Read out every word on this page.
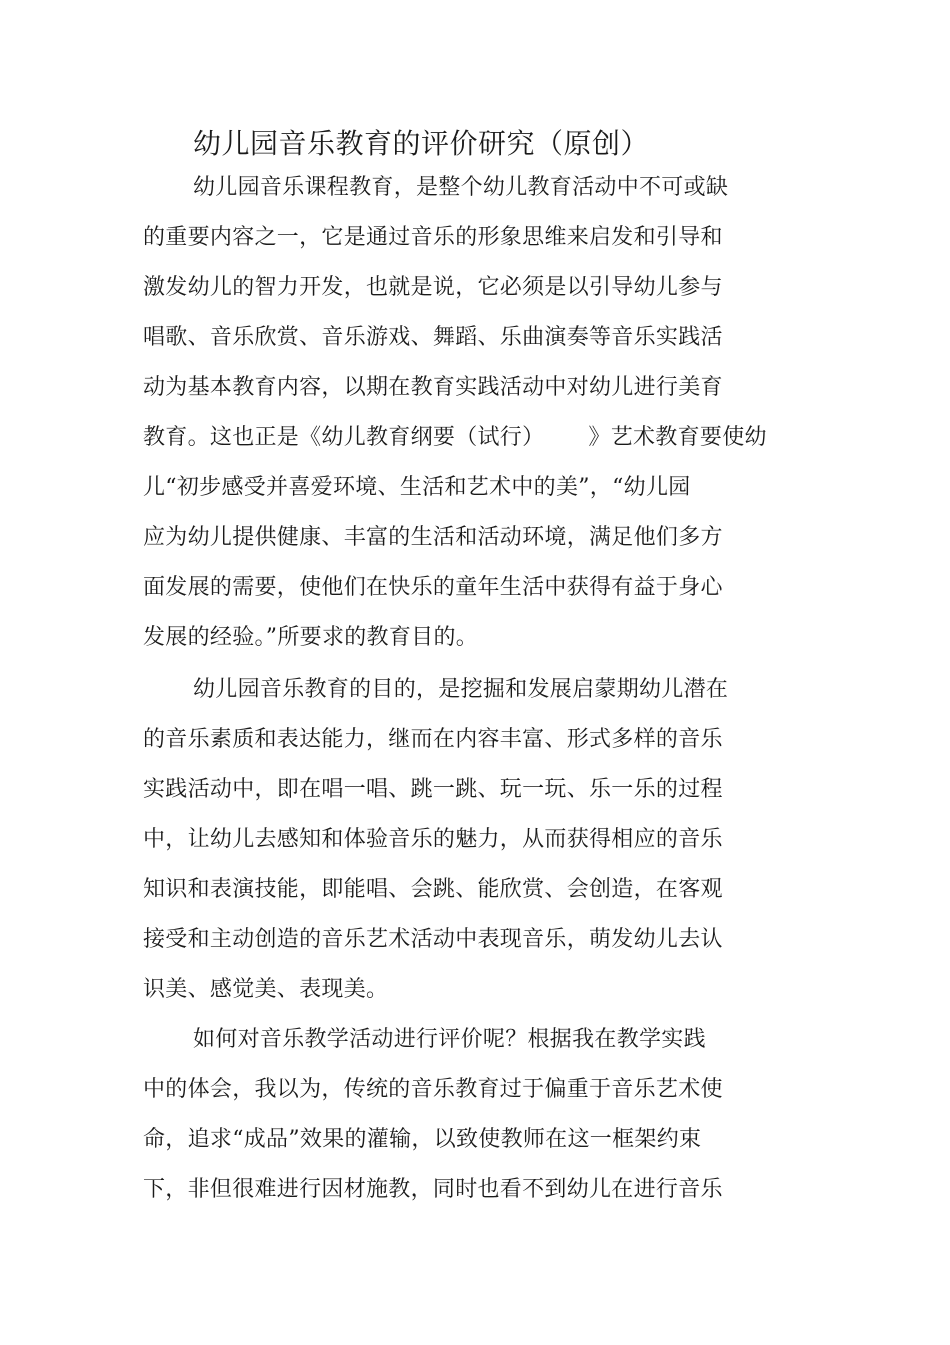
幼儿园音乐教育的评价研究（原创）
幼儿园音乐课程教育，是整个幼儿教育活动中不可或缺
的重要内容之一，它是通过音乐的形象思维来启发和引导和
激发幼儿的智力开发，也就是说，它必须是以引导幼儿参与
唱歌、音乐欣赏、音乐游戏、舞蹈、乐曲演奏等音乐实践活
动为基本教育内容，以期在教育实践活动中对幼儿进行美育
教育。这也正是《幼儿教育纲要（试行） 》艺术教育要使幼
儿“初步感受并喜爱环境、生活和艺术中的美”，“幼儿园
应为幼儿提供健康、丰富的生活和活动环境，满足他们多方
面发展的需要，使他们在快乐的童年生活中获得有益于身心
发展的经验。”所要求的教育目的。
幼儿园音乐教育的目的，是挖掘和发展启蒙期幼儿潜在
的音乐素质和表达能力，继而在内容丰富、形式多样的音乐
实践活动中，即在唱一唱、跳一跳、玩一玩、乐一乐的过程
中，让幼儿去感知和体验音乐的魅力，从而获得相应的音乐
知识和表演技能，即能唱、会跳、能欣赏、会创造，在客观
接受和主动创造的音乐艺术活动中表现音乐，萌发幼儿去认
识美、感觉美、表现美。
如何对音乐教学活动进行评价呢？根据我在教学实践
中的体会，我以为，传统的音乐教育过于偏重于音乐艺术使
命，追求“成品”效果的灌输，以致使教师在这一框架约束
下，非但很难进行因材施教，同时也看不到幼儿在进行音乐
